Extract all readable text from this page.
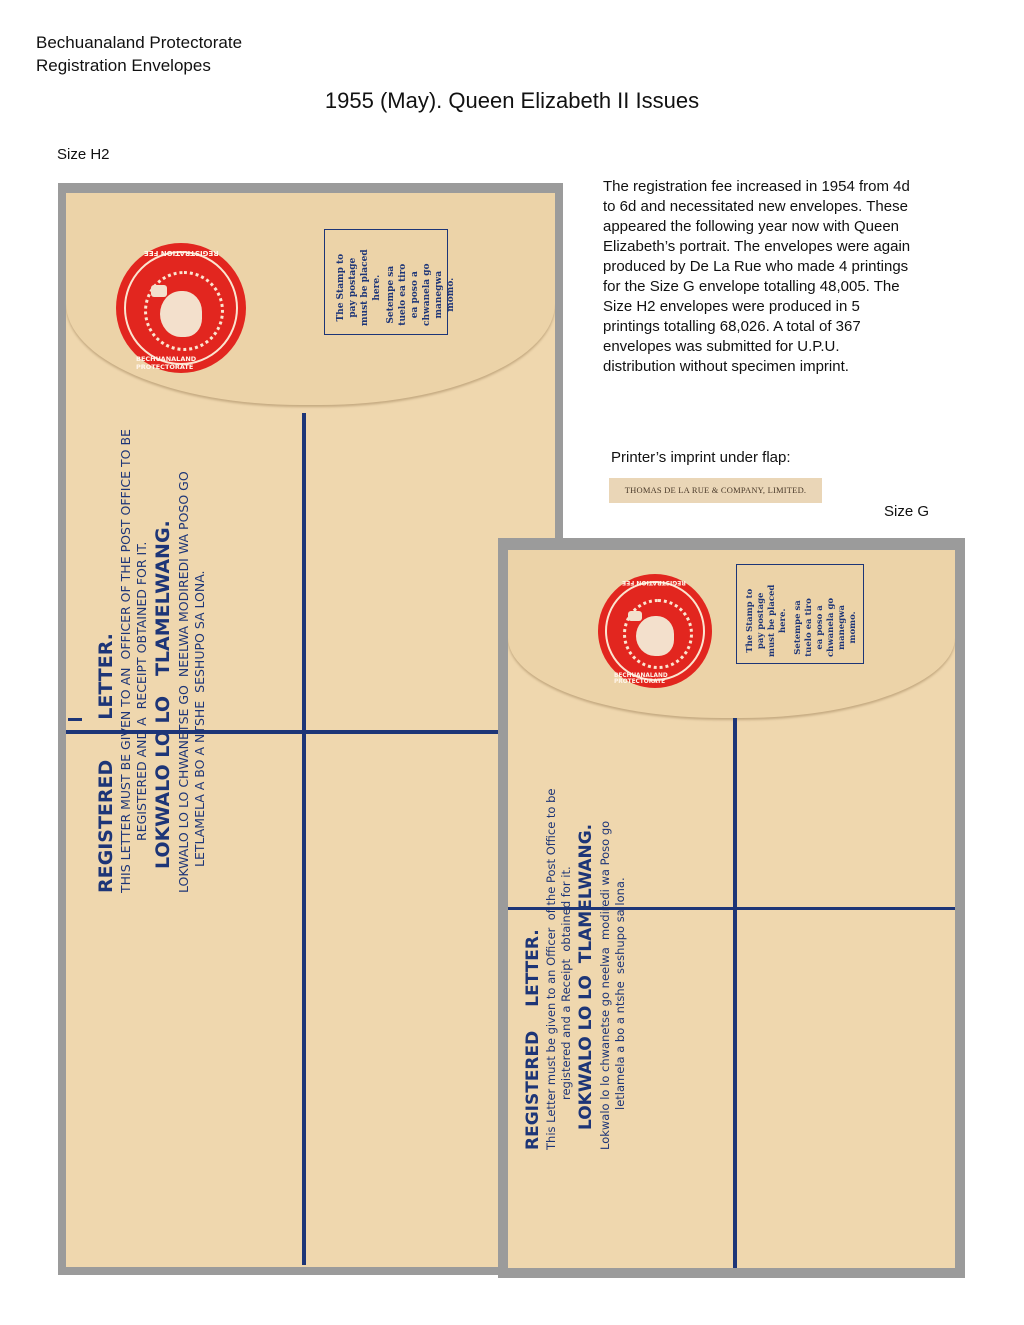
Bechuanaland Protectorate
Registration Envelopes
1955 (May). Queen Elizabeth II Issues
Size H2
The registration fee increased in 1954 from 4d to 6d and necessitated new envelopes. These appeared the following year now with Queen Elizabeth’s portrait. The envelopes were again produced by De La Rue who made 4 printings for the Size G envelope totalling 48,005. The Size H2 envelopes were produced in 5 printings totalling 68,026. A total of 367 envelopes was submitted for U.P.U. distribution without specimen imprint.
Printer’s imprint under flap:
THOMAS DE LA RUE & COMPANY, LIMITED.
Size G
REGISTRATION FEE
BECHUANALAND PROTECTORATE
The Stamp to pay postage must be placed here. Setempe sa tuelo ea tiro ea poso a chwanela go manegwa momo.
REGISTEREDLETTER. THIS LETTER MUST BE GIVEN TO AN  OFFICER OF THE POST OFFICE TO BE
REGISTERED AND A  RECEIPT OBTAINED FOR IT.
LOKWALO LO LO   TLAMELWANG.
LOKWALO LO LO CHWANETSE GO  NEELWA MODIREDI WA POSO GO
LETLAMELA A BO A NTSHE  SESHUPO SA LONA.	REGISTRATION FEE
BECHUANALAND PROTECTORATE
The Stamp to pay postage must be placed here. Setempe sa tuelo ea tiro ea poso a chwanela go manegwa momo.
REGISTEREDLETTER. This Letter must be given to an Officer  of the Post Office to be
registered and a Receipt  obtained for it.
LOKWALO LO LO  TLAMELWANG.
Lokwalo lo lo chwanetse go neelwa  modiredi wa Poso go
letlamela a bo a ntshe  seshupo sa lona.
